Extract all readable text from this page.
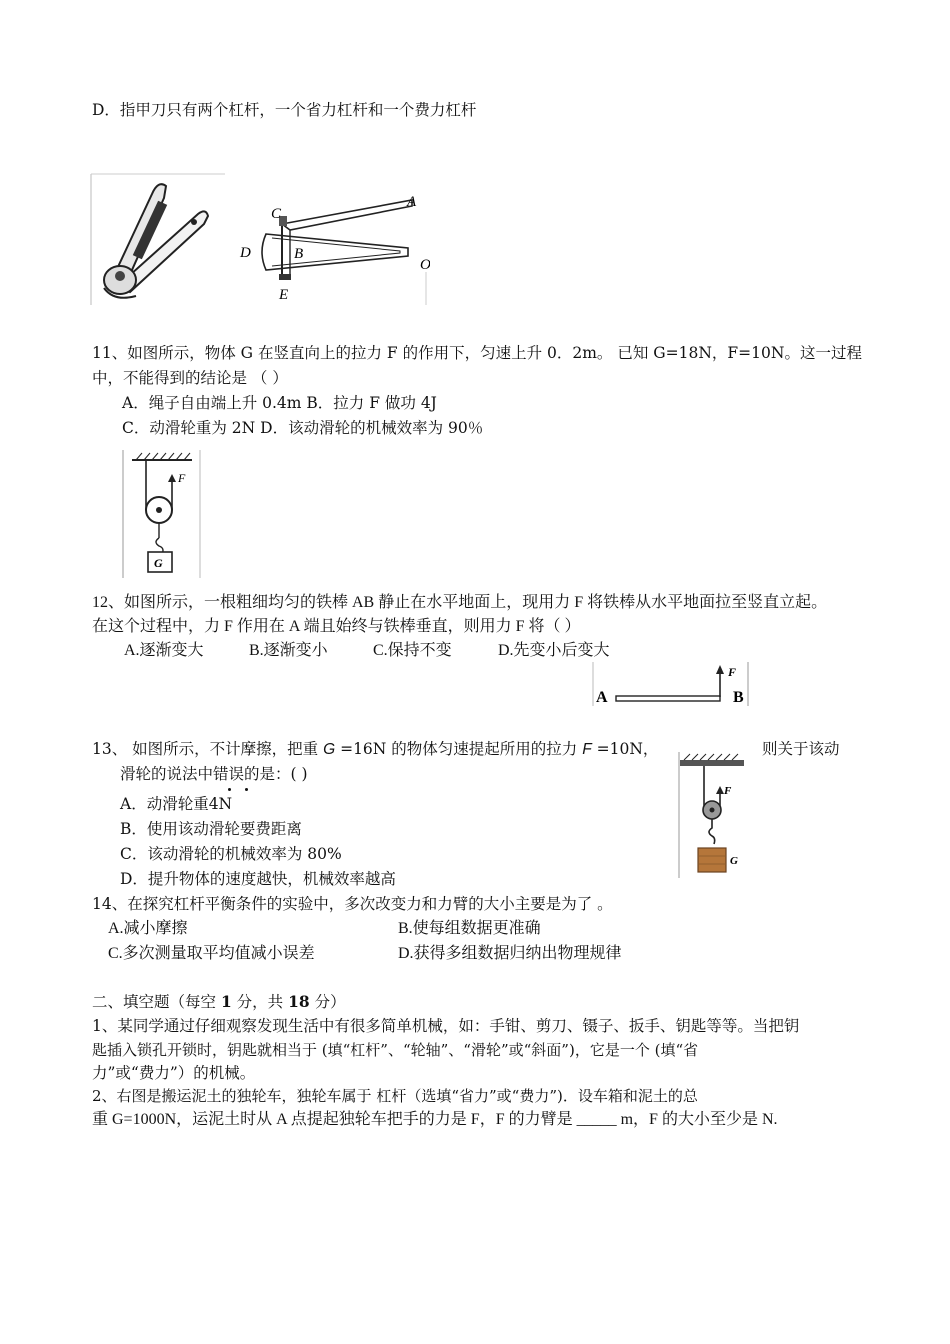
D．指甲刀只有两个杠杆，一个省力杠杆和一个费力杠杆
C
A
D	B
O
E
11、如图所示，物体 G 在竖直向上的拉力 F 的作用下，匀速上升 0．2m。 已知 G=18N，F=10N。这一过程
中，不能得到的结论是 （ ）
A．绳子自由端上升 0.4m B．拉力 F 做功 4J
C．动滑轮重为 2N D．该动滑轮的机械效率为 90％
F
G
12、如图所示，一根粗细均匀的铁棒 AB 静止在水平地面上，现用力 F 将铁棒从水平地面拉至竖直立起。
在这个过程中，力 F 作用在 A 端且始终与铁棒垂直，则用力 F 将（ ）
A.逐渐变大	B.逐渐变小	C.保持不变	D.先变小后变大
A	B
F
13、 如图所示，不计摩擦，把重 G =16N 的物体匀速提起所用的拉力 F =10N，	则关于该动
滑轮的说法中错误的是：( )
A．动滑轮重4N
B．使用该动滑轮要费距离
C．该动滑轮的机械效率为 80%
D．提升物体的速度越快，机械效率越高
F
G
14、在探究杠杆平衡条件的实验中，多次改变力和力臂的大小主要是为了 。
A.减小摩擦	B.使每组数据更准确
C.多次测量取平均值减小误差	D.获得多组数据归纳出物理规律
二、填空题（每空 1 分，共 18 分）
1、某同学通过仔细观察发现生活中有很多简单机械，如：手钳、剪刀、镊子、扳手、钥匙等等。当把钥
匙插入锁孔开锁时，钥匙就相当于 (填“杠杆”、“轮轴”、“滑轮”或“斜面”)，它是一个 (填“省
力”或“费力”）的机械。
2、右图是搬运泥土的独轮车，独轮车属于 杠杆（选填“省力”或“费力”)．设车箱和泥土的总
重 G=1000N，运泥土时从 A 点提起独轮车把手的力是 F，F 的力臂是 _____ m，F 的大小至少是 N.
